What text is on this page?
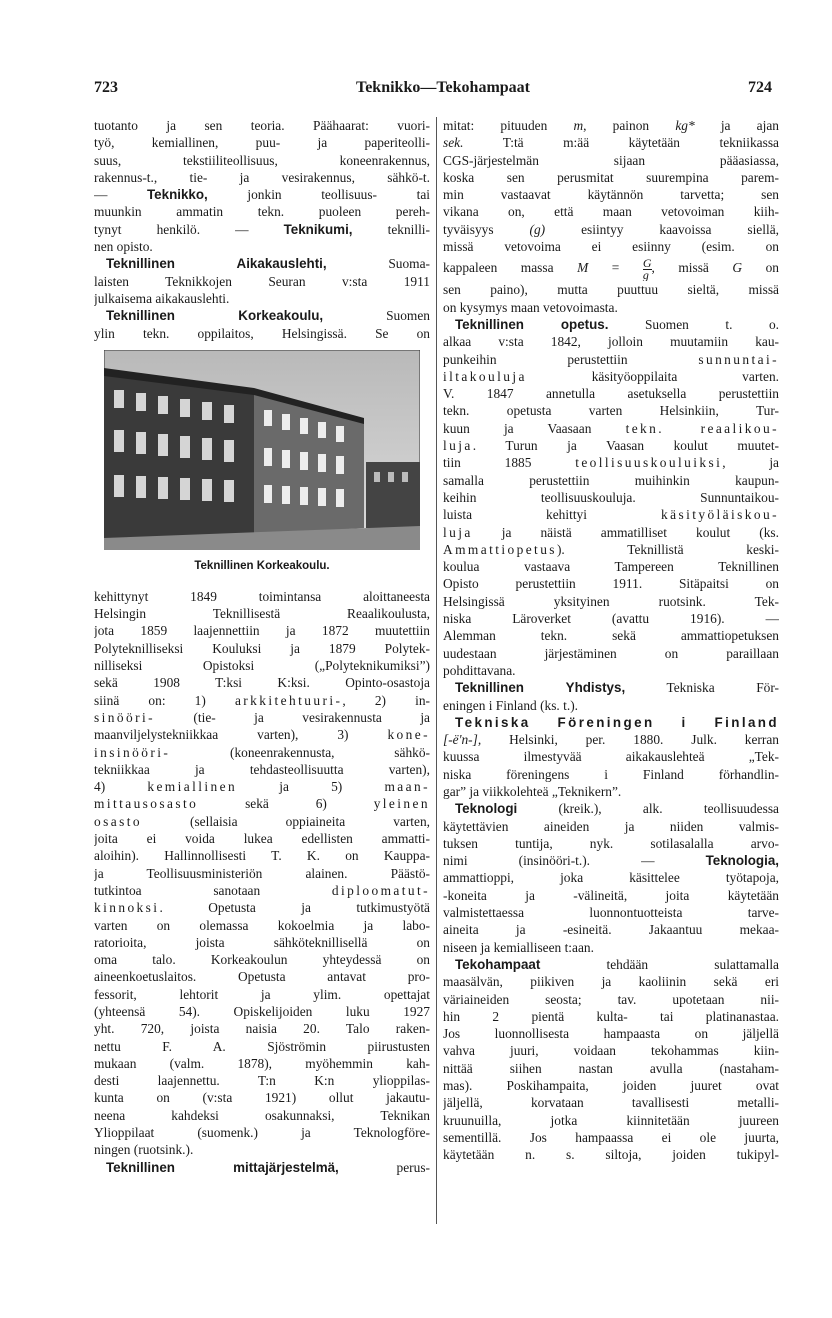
723	Teknikko—Tekohampaat	724
tuotanto ja sen teoria. Päähaarat: vuori-
työ, kemiallinen, puu- ja paperiteolli-
suus, tekstiiliteollisuus, koneenrakennus,
rakennus-t., tie- ja vesirakennus, sähkö-t.
— Teknikko, jonkin teollisuus- tai
muunkin ammatin tekn. puoleen pereh-
tynyt henkilö. — Teknikumi, teknilli-
nen opisto.
Teknillinen Aikakauslehti, Suoma-
laisten Teknikkojen Seuran v:sta 1911
julkaisema aikakauslehti.
Teknillinen Korkeakoulu, Suomen
ylin tekn. oppilaitos, Helsingissä. Se on
Teknillinen Korkeakoulu.
kehittynyt 1849 toimintansa aloittaneesta
Helsingin Teknillisestä Reaalikoulusta,
jota 1859 laajennettiin ja 1872 muutettiin
Polyteknilliseksi Kouluksi ja 1879 Polytek-
nilliseksi Opistoksi („Polyteknikumiksi”)
sekä 1908 T:ksi K:ksi. Opinto-osastoja
siinä on: 1) arkkitehtuuri-, 2) in-
sinööri- (tie- ja vesirakennusta ja
maanviljelystekniikkaa varten), 3) kone-
insinööri- (koneenrakennusta, sähkö-
tekniikkaa ja tehdasteollisuutta varten),
4) kemiallinen ja 5) maan-
mittausosasto sekä 6) yleinen
osasto (sellaisia oppiaineita varten,
joita ei voida lukea edellisten ammatti-
aloihin). Hallinnollisesti T. K. on Kauppa-
ja Teollisuusministeriön alainen. Päästö-
tutkintoa sanotaan diploomatut-
kinnoksi. Opetusta ja tutkimustyötä
varten on olemassa kokoelmia ja labo-
ratorioita, joista sähköteknillisellä on
oma talo. Korkeakoulun yhteydessä on
aineenkoetuslaitos. Opetusta antavat pro-
fessorit, lehtorit ja ylim. opettajat
(yhteensä 54). Opiskelijoiden luku 1927
yht. 720, joista naisia 20. Talo raken-
nettu F. A. Sjöströmin piirustusten
mukaan (valm. 1878), myöhemmin kah-
desti laajennettu. T:n K:n ylioppilas-
kunta on (v:sta 1921) ollut jakautu-
neena kahdeksi osakunnaksi, Teknikan
Ylioppilaat (suomenk.) ja Teknologföre-
ningen (ruotsink.).
Teknillinen mittajärjestelmä, perus-
mitat: pituuden m, painon kg* ja ajan
sek. T:tä m:ää käytetään tekniikassa
CGS-järjestelmän sijaan pääasiassa,
koska sen perusmitat suurempina parem-
min vastaavat käytännön tarvetta; sen
vikana on, että maan vetovoiman kiih-
tyväisyys (g) esiintyy kaavoissa siellä,
missä vetovoima ei esiinny (esim. on
kappaleen massa $M = \frac{G}{g}$ , missä G on
sen paino), mutta puuttuu sieltä, missä
on kysymys maan vetovoimasta.
Teknillinen opetus. Suomen t. o.
alkaa v:sta 1842, jolloin muutamiin kau-
punkeihin perustettiin sunnuntai-
iltakouluja käsityöoppilaita varten.
V. 1847 annetulla asetuksella perustettiin
tekn. opetusta varten Helsinkiin, Tur-
kuun ja Vaasaan tekn. reaalikou-
luja. Turun ja Vaasan koulut muutet-
tiin 1885 teollisuuskouluiksi, ja
samalla perustettiin muihinkin kaupun-
keihin teollisuuskouluja. Sunnuntaikou-
luista kehittyi käsityöläiskou-
luja ja näistä ammatilliset koulut (ks.
Ammattiopetus). Teknillistä keski-
koulua vastaava Tampereen Teknillinen
Opisto perustettiin 1911. Sitäpaitsi on
Helsingissä yksityinen ruotsink. Tek-
niska Läroverket (avattu 1916). —
Alemman tekn. sekä ammattiopetuksen
uudestaan järjestäminen on paraillaan
pohdittavana.
Teknillinen Yhdistys, Tekniska För-
eningen i Finland (ks. t.).
Tekniska Föreningen i Finland
[-ë'n-], Helsinki, per. 1880. Julk. kerran
kuussa ilmestyvää aikakauslehteä „Tek-
niska föreningens i Finland förhandlin-
gar” ja viikkolehteä „Teknikern”.
Teknologi (kreik.), alk. teollisuudessa
käytettävien aineiden ja niiden valmis-
tuksen tuntija, nyk. sotilasalalla arvo-
nimi (insinööri-t.). — Teknologia,
ammattioppi, joka käsittelee työtapoja,
-koneita ja -välineitä, joita käytetään
valmistettaessa luonnontuotteista tarve-
aineita ja -esineitä. Jakaantuu mekaa-
niseen ja kemialliseen t:aan.
Tekohampaat tehdään sulattamalla
maasälvän, piikiven ja kaoliinin sekä eri
väriaineiden seosta; tav. upotetaan nii-
hin 2 pientä kulta- tai platinanastaa.
Jos luonnollisesta hampaasta on jäljellä
vahva juuri, voidaan tekohammas kiin-
nittää siihen nastan avulla (nastaham-
mas). Poskihampaita, joiden juuret ovat
jäljellä, korvataan tavallisesti metalli-
kruunuilla, jotka kiinnitetään juureen
sementillä. Jos hampaassa ei ole juurta,
käytetään n. s. siltoja, joiden tukipyl-
